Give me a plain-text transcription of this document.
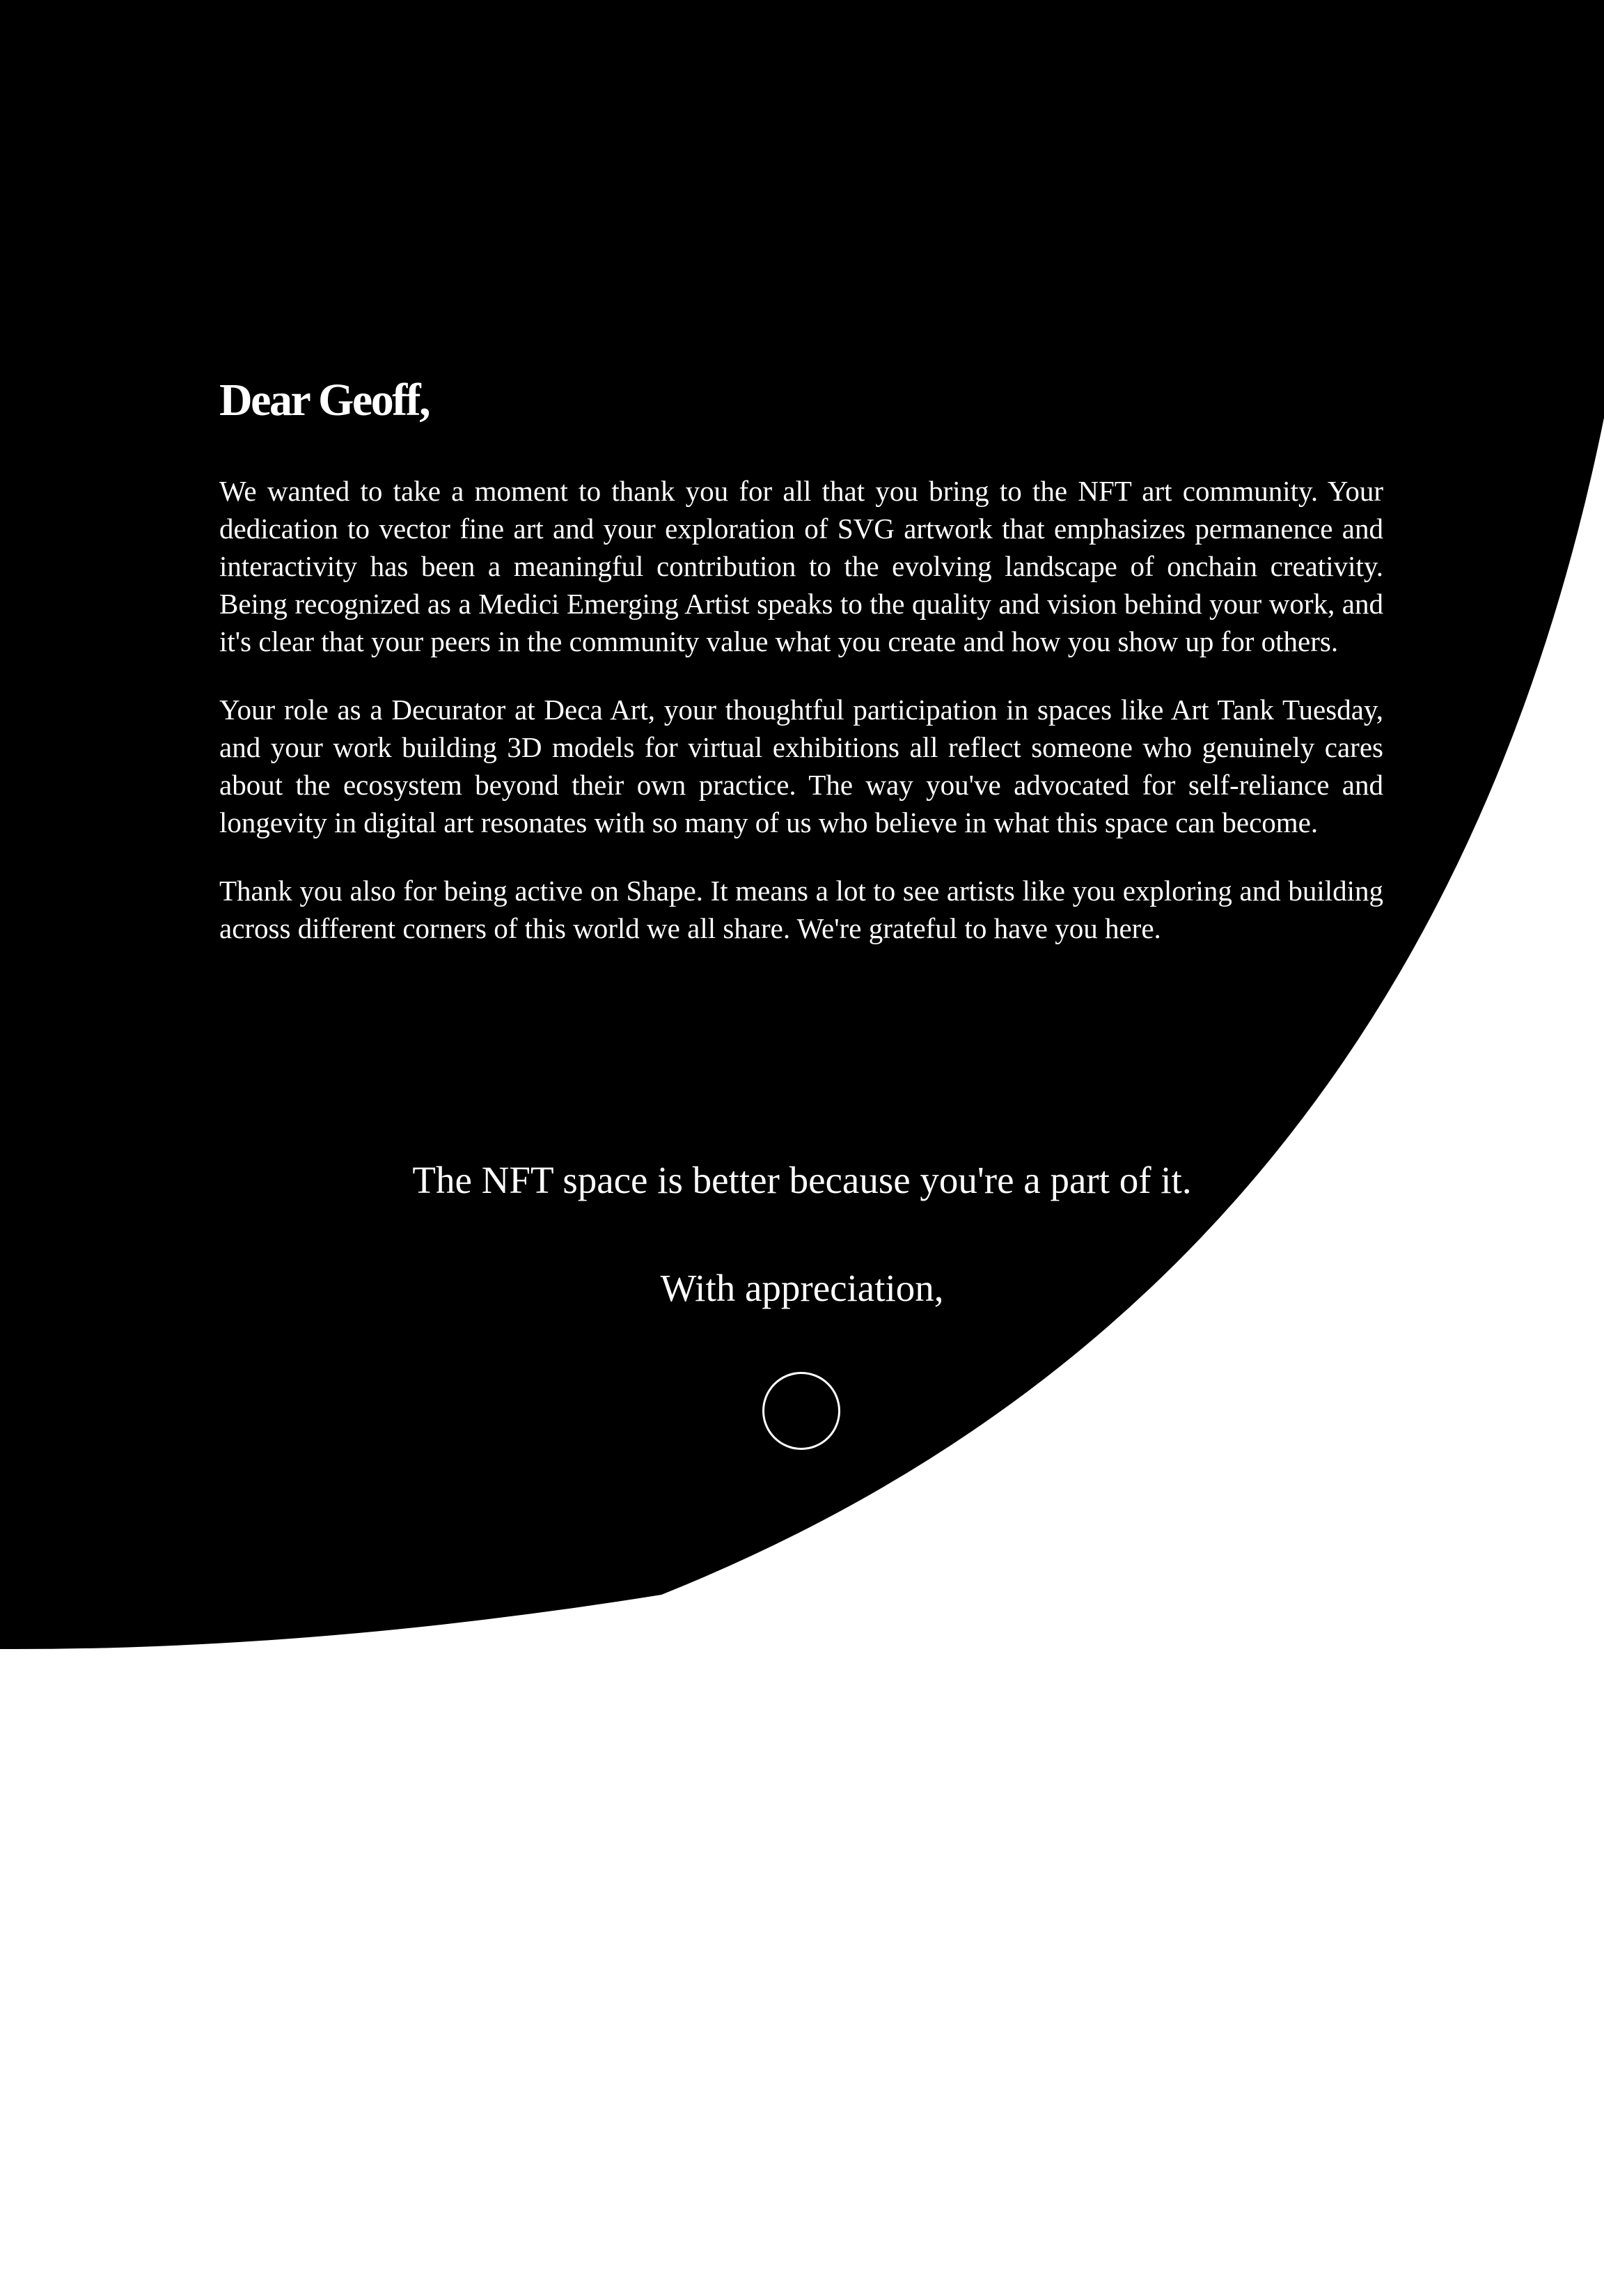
Dear Geoff,

We wanted to take a moment to thank you for all that you bring to the NFT art community. Your dedication to vector fine art and your exploration of SVG artwork that emphasizes permanence and interactivity has been a meaningful contribution to the evolving landscape of onchain creativity. Being recognized as a Medici Emerging Artist speaks to the quality and vision behind your work, and it's clear that your peers in the community value what you create and how you show up for others.

Your role as a Decurator at Deca Art, your thoughtful participation in spaces like Art Tank Tuesday, and your work building 3D models for virtual exhibitions all reflect someone who genuinely cares about the ecosystem beyond their own practice. The way you've advocated for self-reliance and longevity in digital art resonates with so many of us who believe in what this space can become.

Thank you also for being active on Shape. It means a lot to see artists like you exploring and building across different corners of this world we all share. We're grateful to have you here.

The NFT space is better because you're a part of it.
With appreciation,
